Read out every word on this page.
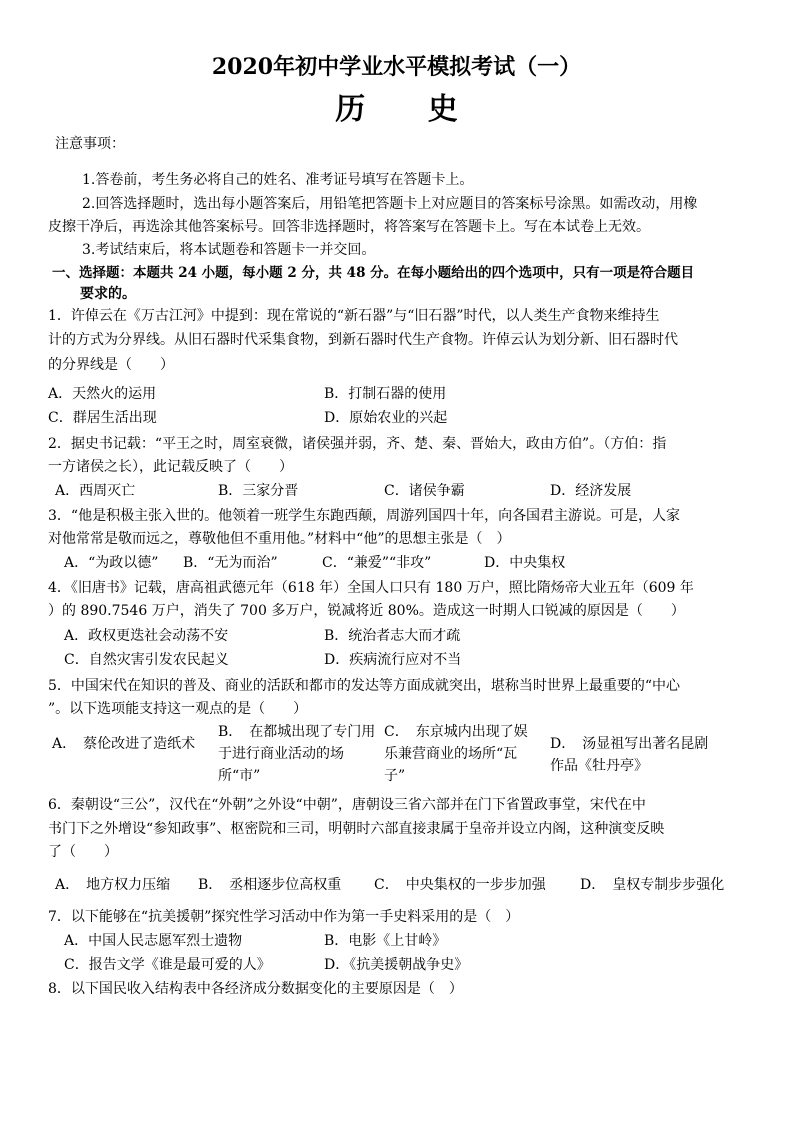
2020年初中学业水平模拟考试（一）
历 史
注意事项：
1.答卷前，考生务必将自己的姓名、准考证号填写在答题卡上。
2.回答选择题时，选出每小题答案后，用铅笔把答题卡上对应题目的答案标号涂黑。如需改动，用橡
皮擦干净后，再选涂其他答案标号。回答非选择题时，将答案写在答题卡上。写在本试卷上无效。
3.考试结束后，将本试题卷和答题卡一并交回。
一、选择题：本题共 24 小题，每小题 2 分，共 48 分。在每小题给出的四个选项中，只有一项是符合题目
要求的。
1．许倬云在《万古江河》中提到：现在常说的“新石器”与“旧石器”时代，以人类生产食物来维持生
计的方式为分界线。从旧石器时代采集食物，到新石器时代生产食物。许倬云认为划分新、旧石器时代
的分界线是（　　）
A．天然火的运用	B．打制石器的使用
C．群居生活出现	D．原始农业的兴起
2．据史书记载：“平王之时，周室衰微，诸侯强并弱，齐、楚、秦、晋始大，政由方伯”。（方伯：指
一方诸侯之长），此记载反映了（　　）
A．西周灭亡	B．三家分晋	C．诸侯争霸	D．经济发展
3．“他是积极主张入世的。他领着一班学生东跑西颠，周游列国四十年，向各国君主游说。可是，人家
对他常常是敬而远之，尊敬他但不重用他。”材料中“他”的思想主张是（　）
A．“为政以德” B．“无为而治”	C．“兼爱”“非攻”	D．中央集权
4．《旧唐书》记载，唐高祖武德元年（618 年）全国人口只有 180 万户，照比隋炀帝大业五年（609 年
）的 890.7546 万户，消失了 700 多万户，锐减将近 80%。造成这一时期人口锐减的原因是（　　）
A．政权更迭社会动荡不安	B．统治者志大而才疏
C．自然灾害引发农民起义	D．疾病流行应对不当
5．中国宋代在知识的普及、商业的活跃和都市的发达等方面成就突出，堪称当时世界上最重要的“中心
”。以下选项能支持这一观点的是（　　）
A．　蔡伦改进了造纸术
B．　在都城出现了专门用于进行商业活动的场所“市”
C．　东京城内出现了娱乐兼营商业的场所“瓦子”
D．　汤显祖写出著名昆剧作品《牡丹亭》
6．秦朝设“三公”，汉代在“外朝”之外设“中朝”，唐朝设三省六部并在门下省置政事堂，宋代在中
书门下之外增设“参知政事”、枢密院和三司，明朝时六部直接隶属于皇帝并设立内阁，这种演变反映
了（　　）
A．　地方权力压缩 B．　丞相逐步位高权重 C．　中央集权的一步步加强 D．　皇权专制步步强化
7．以下能够在“抗美援朝”探究性学习活动中作为第一手史料采用的是（　）
A．中国人民志愿军烈士遗物	B．电影《上甘岭》
C．报告文学《谁是最可爱的人》	D．《抗美援朝战争史》
8．以下国民收入结构表中各经济成分数据变化的主要原因是（　）
